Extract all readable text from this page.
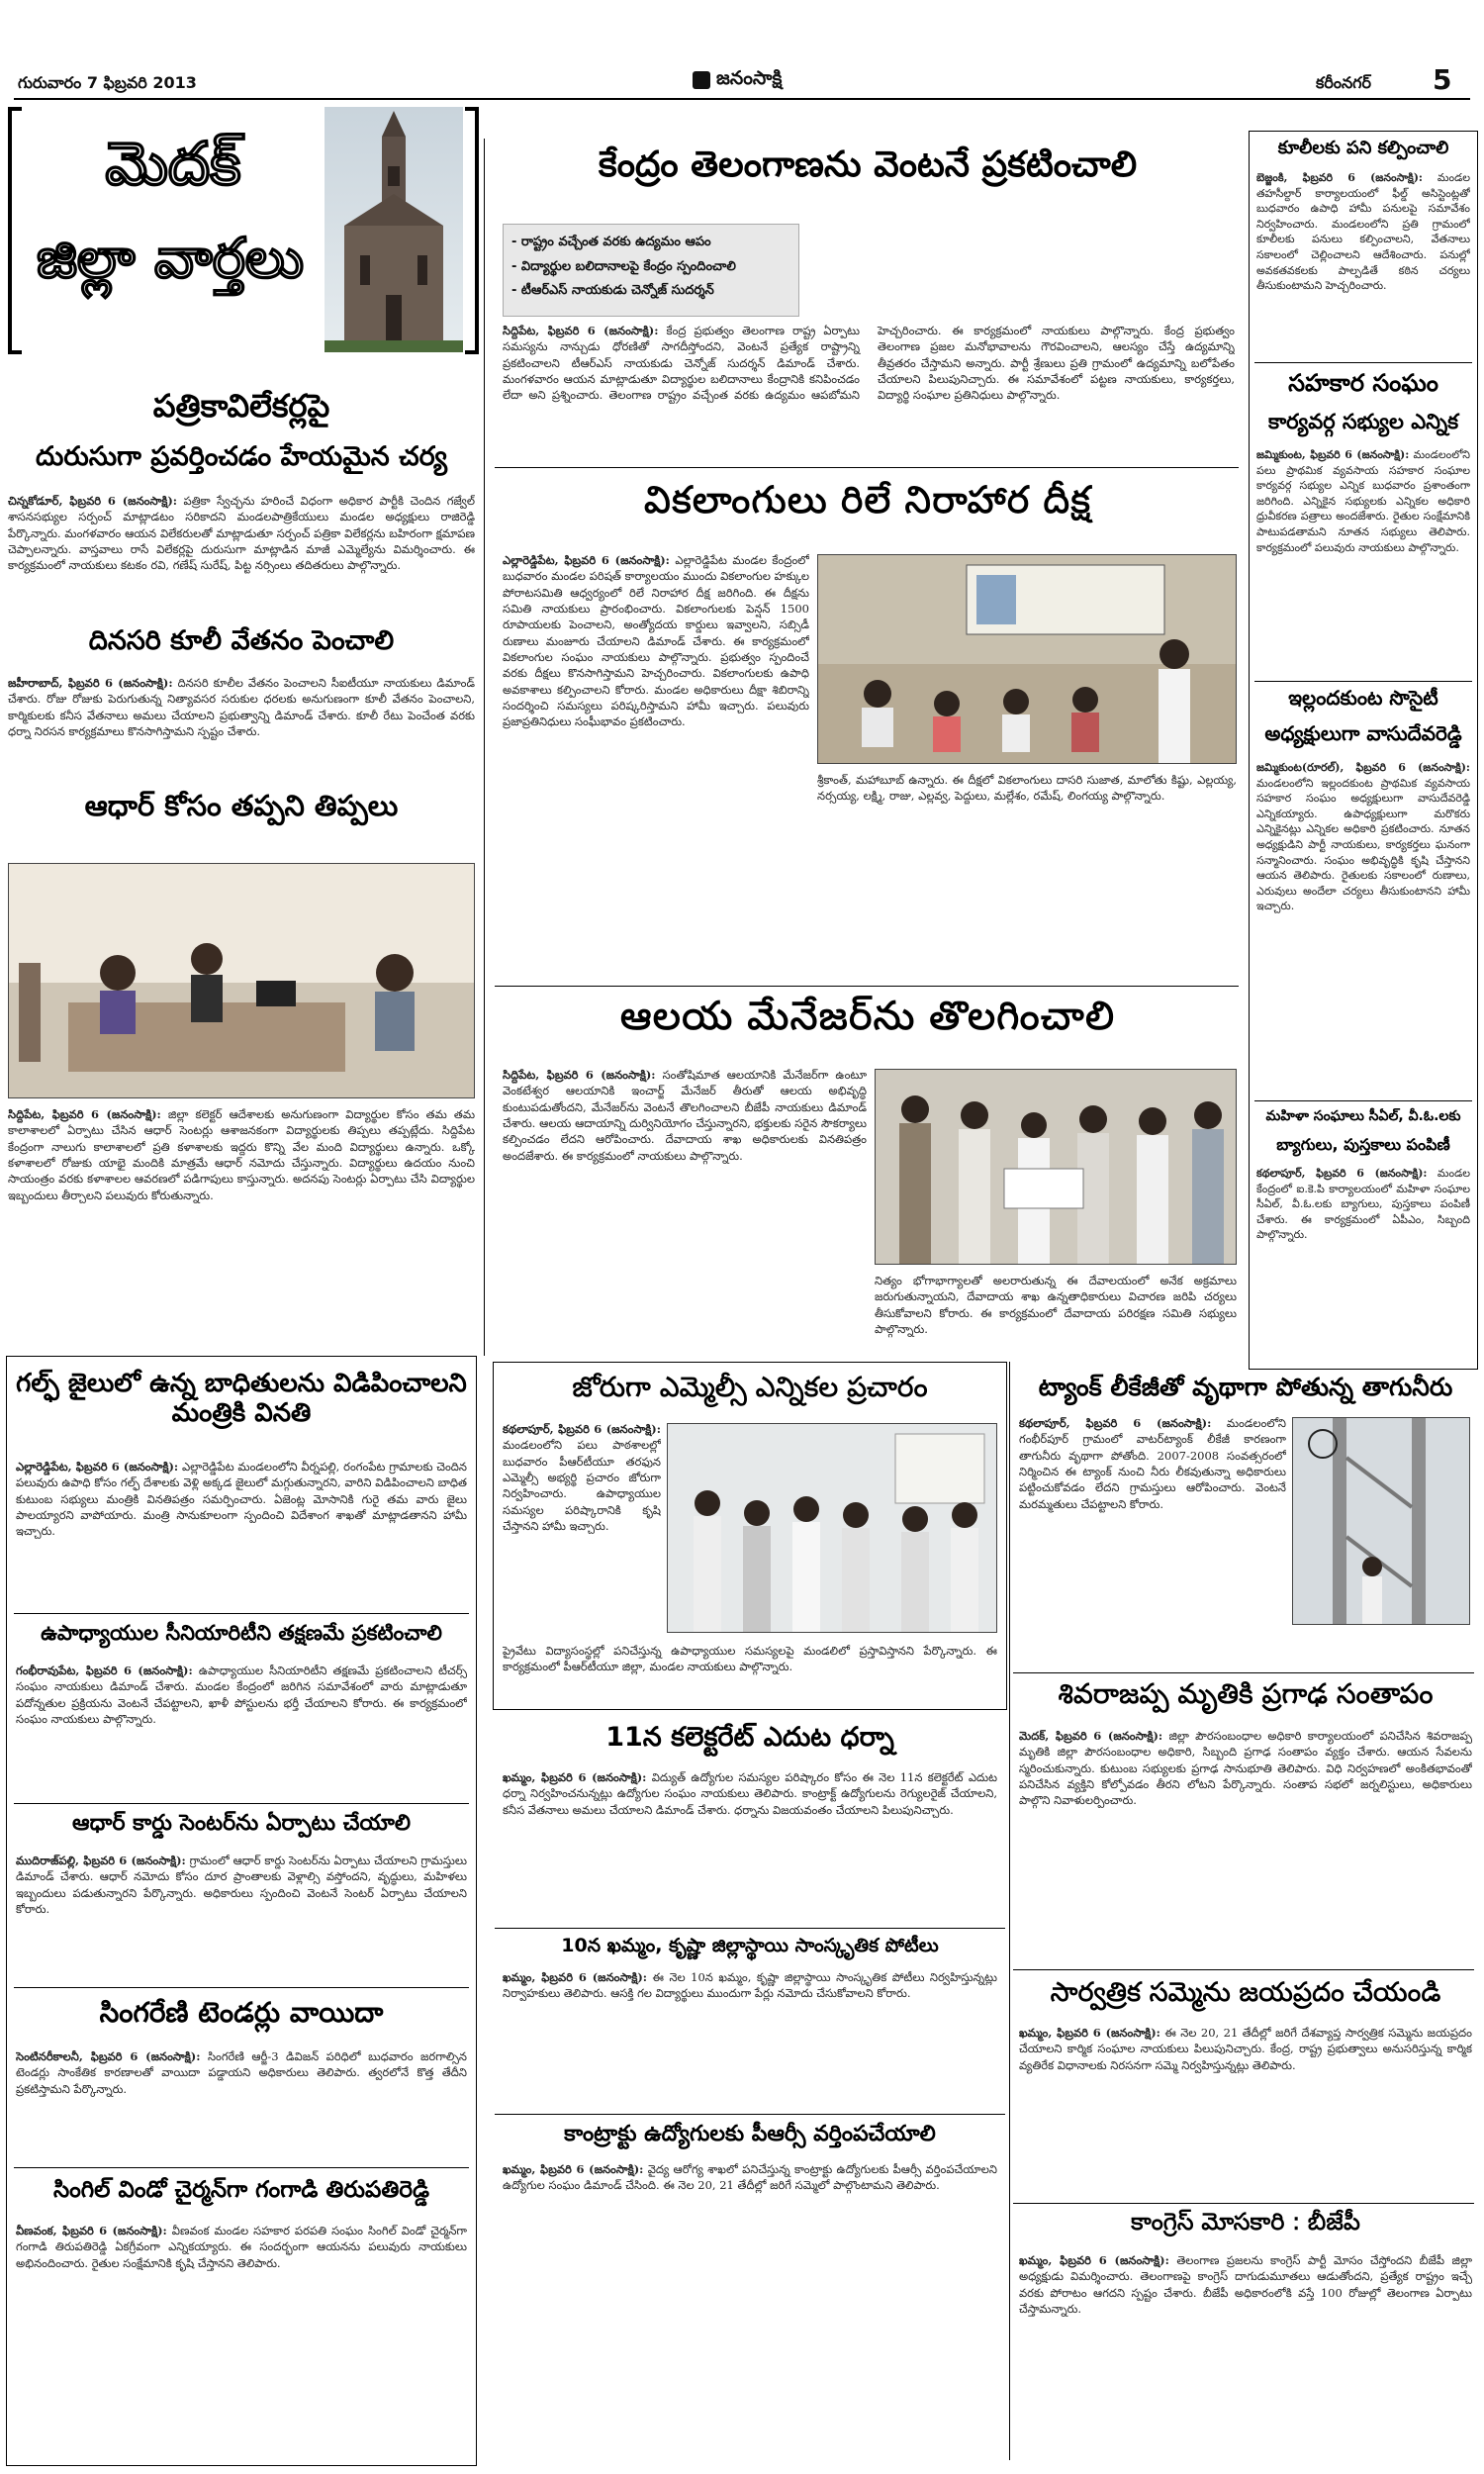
గురువారం 7 ఫిబ్రవరి 2013	జనంసాక్షి	కరీంనగర్ 5
మెదక్
జిల్లా వార్తలు
పత్రికావిలేకర్లపై
దురుసుగా ప్రవర్తించడం హేయమైన చర్య
చిన్నకోడూర్, ఫిబ్రవరి 6 (జనంసాక్షి): పత్రికా స్వేచ్ఛను హరించే విధంగా అధికార పార్టీకి చెందిన గజ్వేల్ శాసనసభ్యుల సర్పంచ్ మాట్లాడటం సరికాదని మండలపాత్రికేయులు మండల అధ్యక్షులు రాజిరెడ్డి పేర్కొన్నారు. మంగళవారం ఆయన విలేకరులతో మాట్లాడుతూ సర్పంచ్ పత్రికా విలేకర్లను బహిరంగా క్షమాపణ చెప్పాలన్నారు. వాస్తవాలు రాసే విలేకర్లపై దురుసుగా మాట్లాడిన మాజీ ఎమ్మెల్యేను విమర్శించారు. ఈ కార్యక్రమంలో నాయకులు కటకం రవి, గణేష్ సురేష్, పిట్ట నర్సింలు తదితరులు పాల్గొన్నారు.
దినసరి కూలీ వేతనం పెంచాలి
జహీరాబాద్, ఫిబ్రవరి 6 (జనంసాక్షి): దినసరి కూలీల వేతనం పెంచాలని సీఐటీయూ నాయకులు డిమాండ్ చేశారు. రోజు రోజుకు పెరుగుతున్న నిత్యావసర సరుకుల ధరలకు అనుగుణంగా కూలీ వేతనం పెంచాలని, కార్మికులకు కనీస వేతనాలు అమలు చేయాలని ప్రభుత్వాన్ని డిమాండ్ చేశారు. కూలీ రేటు పెంచేంత వరకు ధర్నా నిరసన కార్యక్రమాలు కొనసాగిస్తామని స్పష్టం చేశారు.
ఆధార్ కోసం తప్పని తిప్పలు
సిద్దిపేట, ఫిబ్రవరి 6 (జనంసాక్షి): జిల్లా కలెక్టర్ ఆదేశాలకు అనుగుణంగా విద్యార్థుల కోసం తమ తమ కాలాశాలలో ఏర్పాటు చేసిన ఆధార్ సెంటర్లు ఆశాజనకంగా విద్యార్థులకు తిప్పలు తప్పట్లేదు. సిద్దిపేట కేంద్రంగా నాలుగు కాలాశాలలో ప్రతి కళాశాలకు ఇద్దరు కొన్ని వేల మంది విద్యార్థులు ఉన్నారు. ఒక్కో కళాశాలలో రోజుకు యాభై మందికి మాత్రమే ఆధార్ నమోదు చేస్తున్నారు. విద్యార్థులు ఉదయం నుంచి సాయంత్రం వరకు కళాశాలల ఆవరణలో పడిగాపులు కాస్తున్నారు. అదనపు సెంటర్లు ఏర్పాటు చేసి విద్యార్థుల ఇబ్బందులు తీర్చాలని పలువురు కోరుతున్నారు.
గల్ఫ్ జైలులో ఉన్న బాధితులను విడిపించాలని మంత్రికి వినతి
ఎల్లారెడ్డిపేట, ఫిబ్రవరి 6 (జనంసాక్షి): ఎల్లారెడ్డిపేట మండలంలోని వీర్నపల్లి, రంగంపేట గ్రామాలకు చెందిన పలువురు ఉపాధి కోసం గల్ఫ్ దేశాలకు వెళ్లి అక్కడ జైలులో మగ్గుతున్నారని, వారిని విడిపించాలని బాధిత కుటుంబ సభ్యులు మంత్రికి వినతిపత్రం సమర్పించారు. ఏజెంట్ల మోసానికి గురై తమ వారు జైలు పాలయ్యారని వాపోయారు. మంత్రి సానుకూలంగా స్పందించి విదేశాంగ శాఖతో మాట్లాడతానని హామీ ఇచ్చారు.
ఉపాధ్యాయుల సీనియారిటీని తక్షణమే ప్రకటించాలి
గంభీరావుపేట, ఫిబ్రవరి 6 (జనంసాక్షి): ఉపాధ్యాయుల సీనియారిటీని తక్షణమే ప్రకటించాలని టీచర్స్ సంఘం నాయకులు డిమాండ్ చేశారు. మండల కేంద్రంలో జరిగిన సమావేశంలో వారు మాట్లాడుతూ పదోన్నతుల ప్రక్రియను వెంటనే చేపట్టాలని, ఖాళీ పోస్టులను భర్తీ చేయాలని కోరారు. ఈ కార్యక్రమంలో సంఘం నాయకులు పాల్గొన్నారు.
ఆధార్ కార్డు సెంటర్‌ను ఏర్పాటు చేయాలి
ముదిరాజ్‌పల్లి, ఫిబ్రవరి 6 (జనంసాక్షి): గ్రామంలో ఆధార్ కార్డు సెంటర్‌ను ఏర్పాటు చేయాలని గ్రామస్తులు డిమాండ్ చేశారు. ఆధార్ నమోదు కోసం దూర ప్రాంతాలకు వెళ్లాల్సి వస్తోందని, వృద్ధులు, మహిళలు ఇబ్బందులు పడుతున్నారని పేర్కొన్నారు. అధికారులు స్పందించి వెంటనే సెంటర్ ఏర్పాటు చేయాలని కోరారు.
సింగరేణి టెండర్లు వాయిదా
సెంటినరీకాలనీ, ఫిబ్రవరి 6 (జనంసాక్షి): సింగరేణి ఆర్జీ-3 డివిజన్ పరిధిలో బుధవారం జరగాల్సిన టెండర్లు సాంకేతిక కారణాలతో వాయిదా పడ్డాయని అధికారులు తెలిపారు. త్వరలోనే కొత్త తేదీని ప్రకటిస్తామని పేర్కొన్నారు.
సింగిల్ విండో చైర్మన్‌గా గంగాడి తిరుపతిరెడ్డి
వీణవంక, ఫిబ్రవరి 6 (జనంసాక్షి): వీణవంక మండల సహకార పరపతి సంఘం సింగిల్ విండో చైర్మన్‌గా గంగాడి తిరుపతిరెడ్డి ఏకగ్రీవంగా ఎన్నికయ్యారు. ఈ సందర్భంగా ఆయనను పలువురు నాయకులు అభినందించారు. రైతుల సంక్షేమానికి కృషి చేస్తానని తెలిపారు.
కేంద్రం తెలంగాణను వెంటనే ప్రకటించాలి
- రాష్ట్రం వచ్చేంత వరకు ఉద్యమం ఆపం
- విద్యార్థుల బలిదానాలపై కేంద్రం స్పందించాలి
- టీఆర్ఎస్ నాయకుడు చెన్నోజ్ సుదర్శన్
సిద్దిపేట, ఫిబ్రవరి 6 (జనంసాక్షి): కేంద్ర ప్రభుత్వం తెలంగాణ రాష్ట్ర ఏర్పాటు సమస్యను నాన్చుడు ధోరణితో సాగదీస్తోందని, వెంటనే ప్రత్యేక రాష్ట్రాన్ని ప్రకటించాలని టీఆర్ఎస్ నాయకుడు చెన్నోజ్ సుదర్శన్ డిమాండ్ చేశారు. మంగళవారం ఆయన మాట్లాడుతూ విద్యార్థుల బలిదానాలు కేంద్రానికి కనిపించడం లేదా అని ప్రశ్నించారు. తెలంగాణ రాష్ట్రం వచ్చేంత వరకు ఉద్యమం ఆపబోమని హెచ్చరించారు. ఈ కార్యక్రమంలో నాయకులు పాల్గొన్నారు. కేంద్ర ప్రభుత్వం తెలంగాణ ప్రజల మనోభావాలను గౌరవించాలని, ఆలస్యం చేస్తే ఉద్యమాన్ని తీవ్రతరం చేస్తామని అన్నారు. పార్టీ శ్రేణులు ప్రతి గ్రామంలో ఉద్యమాన్ని బలోపేతం చేయాలని పిలుపునిచ్చారు. ఈ సమావేశంలో పట్టణ నాయకులు, కార్యకర్తలు, విద్యార్థి సంఘాల ప్రతినిధులు పాల్గొన్నారు.
వికలాంగులు రిలే నిరాహార దీక్ష
ఎల్లారెడ్డిపేట, ఫిబ్రవరి 6 (జనంసాక్షి): ఎల్లారెడ్డిపేట మండల కేంద్రంలో బుధవారం మండల పరిషత్ కార్యాలయం ముందు వికలాంగుల హక్కుల పోరాటసమితి ఆధ్వర్యంలో రిలే నిరాహార దీక్ష జరిగింది. ఈ దీక్షను సమితి నాయకులు ప్రారంభించారు. వికలాంగులకు పెన్షన్ 1500 రూపాయలకు పెంచాలని, అంత్యోదయ కార్డులు ఇవ్వాలని, సబ్సిడీ రుణాలు మంజూరు చేయాలని డిమాండ్ చేశారు. ఈ కార్యక్రమంలో వికలాంగుల సంఘం నాయకులు పాల్గొన్నారు. ప్రభుత్వం స్పందించే వరకు దీక్షలు కొనసాగిస్తామని హెచ్చరించారు. వికలాంగులకు ఉపాధి అవకాశాలు కల్పించాలని కోరారు. మండల అధికారులు దీక్షా శిబిరాన్ని సందర్శించి సమస్యలు పరిష్కరిస్తామని హామీ ఇచ్చారు. పలువురు ప్రజాప్రతినిధులు సంఘీభావం ప్రకటించారు.
శ్రీకాంత్, మహాబూబ్ ఉన్నారు. ఈ దీక్షలో వికలాంగులు దాసరి సుజాత, మాలోతు కిష్టు, ఎల్లయ్య, నర్సయ్య, లక్ష్మి, రాజు, ఎల్లవ్వ, పెద్దులు, మల్లేశం, రమేష్, లింగయ్య పాల్గొన్నారు.
ఆలయ మేనేజర్‌ను తొలగించాలి
సిద్దిపేట, ఫిబ్రవరి 6 (జనంసాక్షి): సంతోషిమాత ఆలయానికి మేనేజర్‌గా ఉంటూ వెంకటేశ్వర ఆలయానికి ఇంచార్జ్ మేనేజర్ తీరుతో ఆలయ అభివృద్ధి కుంటుపడుతోందని, మేనేజర్‌ను వెంటనే తొలగించాలని బీజేపీ నాయకులు డిమాండ్ చేశారు. ఆలయ ఆదాయాన్ని దుర్వినియోగం చేస్తున్నారని, భక్తులకు సరైన సౌకర్యాలు కల్పించడం లేదని ఆరోపించారు. దేవాదాయ శాఖ అధికారులకు వినతిపత్రం అందజేశారు. ఈ కార్యక్రమంలో నాయకులు పాల్గొన్నారు.
నిత్యం భోగాభాగ్యాలతో అలరారుతున్న ఈ దేవాలయంలో అనేక అక్రమాలు జరుగుతున్నాయని, దేవాదాయ శాఖ ఉన్నతాధికారులు విచారణ జరిపి చర్యలు తీసుకోవాలని కోరారు. ఈ కార్యక్రమంలో దేవాదాయ పరిరక్షణ సమితి సభ్యులు పాల్గొన్నారు.
కూలీలకు పని కల్పించాలి
బెజ్జంకి, ఫిబ్రవరి 6 (జనంసాక్షి): మండల తహసీల్దార్ కార్యాలయంలో ఫీల్డ్ అసిస్టెంట్లతో బుధవారం ఉపాధి హామీ పనులపై సమావేశం నిర్వహించారు. మండలంలోని ప్రతి గ్రామంలో కూలీలకు పనులు కల్పించాలని, వేతనాలు సకాలంలో చెల్లించాలని ఆదేశించారు. పనుల్లో అవకతవకలకు పాల్పడితే కఠిన చర్యలు తీసుకుంటామని హెచ్చరించారు.
సహకార సంఘం
కార్యవర్గ సభ్యుల ఎన్నిక
జమ్మికుంట, ఫిబ్రవరి 6 (జనంసాక్షి): మండలంలోని పలు ప్రాథమిక వ్యవసాయ సహకార సంఘాల కార్యవర్గ సభ్యుల ఎన్నిక బుధవారం ప్రశాంతంగా జరిగింది. ఎన్నికైన సభ్యులకు ఎన్నికల అధికారి ధ్రువీకరణ పత్రాలు అందజేశారు. రైతుల సంక్షేమానికి పాటుపడతామని నూతన సభ్యులు తెలిపారు. కార్యక్రమంలో పలువురు నాయకులు పాల్గొన్నారు.
ఇల్లందకుంట సొసైటీ
అధ్యక్షులుగా వాసుదేవరెడ్డి
జమ్మికుంట(రూరల్), ఫిబ్రవరి 6 (జనంసాక్షి): మండలంలోని ఇల్లందకుంట ప్రాథమిక వ్యవసాయ సహకార సంఘం అధ్యక్షులుగా వాసుదేవరెడ్డి ఎన్నికయ్యారు. ఉపాధ్యక్షులుగా మరొకరు ఎన్నికైనట్లు ఎన్నికల అధికారి ప్రకటించారు. నూతన అధ్యక్షుడిని పార్టీ నాయకులు, కార్యకర్తలు ఘనంగా సన్మానించారు. సంఘం అభివృద్ధికి కృషి చేస్తానని ఆయన తెలిపారు. రైతులకు సకాలంలో రుణాలు, ఎరువులు అందేలా చర్యలు తీసుకుంటానని హామీ ఇచ్చారు.
మహిళా సంఘాలు సీఏల్, వీ.ఓ.లకు
బ్యాగులు, పుస్తకాలు పంపిణీ
కథలాపూర్, ఫిబ్రవరి 6 (జనంసాక్షి): మండల కేంద్రంలో ఐ.కె.పి కార్యాలయంలో మహిళా సంఘాల సీఏల్, వీ.ఓ.లకు బ్యాగులు, పుస్తకాలు పంపిణీ చేశారు. ఈ కార్యక్రమంలో ఏపీఎం, సిబ్బంది పాల్గొన్నారు.
జోరుగా ఎమ్మెల్సీ ఎన్నికల ప్రచారం
కథలాపూర్, ఫిబ్రవరి 6 (జనంసాక్షి): మండలంలోని పలు పాఠశాలల్లో బుధవారం పీఆర్‌టీయూ తరఫున ఎమ్మెల్సీ అభ్యర్థి ప్రచారం జోరుగా నిర్వహించారు. ఉపాధ్యాయుల సమస్యల పరిష్కారానికి కృషి చేస్తానని హామీ ఇచ్చారు.
ప్రైవేటు విద్యాసంస్థల్లో పనిచేస్తున్న ఉపాధ్యాయుల సమస్యలపై మండలిలో ప్రస్తావిస్తానని పేర్కొన్నారు. ఈ కార్యక్రమంలో పీఆర్‌టీయూ జిల్లా, మండల నాయకులు పాల్గొన్నారు.
11న కలెక్టరేట్ ఎదుట ధర్నా
ఖమ్మం, ఫిబ్రవరి 6 (జనంసాక్షి): విద్యుత్ ఉద్యోగుల సమస్యల పరిష్కారం కోసం ఈ నెల 11న కలెక్టరేట్ ఎదుట ధర్నా నిర్వహించనున్నట్లు ఉద్యోగుల సంఘం నాయకులు తెలిపారు. కాంట్రాక్ట్ ఉద్యోగులను రెగ్యులరైజ్ చేయాలని, కనీస వేతనాలు అమలు చేయాలని డిమాండ్ చేశారు. ధర్నాను విజయవంతం చేయాలని పిలుపునిచ్చారు.
10న ఖమ్మం, కృష్ణా జిల్లాస్థాయి సాంస్కృతిక పోటీలు
ఖమ్మం, ఫిబ్రవరి 6 (జనంసాక్షి): ఈ నెల 10న ఖమ్మం, కృష్ణా జిల్లాస్థాయి సాంస్కృతిక పోటీలు నిర్వహిస్తున్నట్లు నిర్వాహకులు తెలిపారు. ఆసక్తి గల విద్యార్థులు ముందుగా పేర్లు నమోదు చేసుకోవాలని కోరారు.
కాంట్రాక్టు ఉద్యోగులకు పీఆర్సీ వర్తింపచేయాలి
ఖమ్మం, ఫిబ్రవరి 6 (జనంసాక్షి): వైద్య ఆరోగ్య శాఖలో పనిచేస్తున్న కాంట్రాక్టు ఉద్యోగులకు పీఆర్సీ వర్తింపచేయాలని ఉద్యోగుల సంఘం డిమాండ్ చేసింది. ఈ నెల 20, 21 తేదీల్లో జరిగే సమ్మెలో పాల్గొంటామని తెలిపారు.
ట్యాంక్ లీకేజీతో వృథాగా పోతున్న తాగునీరు
కథలాపూర్, ఫిబ్రవరి 6 (జనంసాక్షి): మండలంలోని గంభీర్‌పూర్ గ్రామంలో వాటర్‌ట్యాంక్ లీకేజీ కారణంగా తాగునీరు వృథాగా పోతోంది. 2007-2008 సంవత్సరంలో నిర్మించిన ఈ ట్యాంక్ నుంచి నీరు లీకవుతున్నా అధికారులు పట్టించుకోవడం లేదని గ్రామస్తులు ఆరోపించారు. వెంటనే మరమ్మతులు చేపట్టాలని కోరారు.
శివరాజప్ప మృతికి ప్రగాఢ సంతాపం
మెదక్, ఫిబ్రవరి 6 (జనంసాక్షి): జిల్లా పౌరసంబంధాల అధికారి కార్యాలయంలో పనిచేసిన శివరాజప్ప మృతికి జిల్లా పౌరసంబంధాల అధికారి, సిబ్బంది ప్రగాఢ సంతాపం వ్యక్తం చేశారు. ఆయన సేవలను స్మరించుకున్నారు. కుటుంబ సభ్యులకు ప్రగాఢ సానుభూతి తెలిపారు. విధి నిర్వహణలో అంకితభావంతో పనిచేసిన వ్యక్తిని కోల్పోవడం తీరని లోటని పేర్కొన్నారు. సంతాప సభలో జర్నలిస్టులు, అధికారులు పాల్గొని నివాళులర్పించారు.
సార్వత్రిక సమ్మెను జయప్రదం చేయండి
ఖమ్మం, ఫిబ్రవరి 6 (జనంసాక్షి): ఈ నెల 20, 21 తేదీల్లో జరిగే దేశవ్యాప్త సార్వత్రిక సమ్మెను జయప్రదం చేయాలని కార్మిక సంఘాల నాయకులు పిలుపునిచ్చారు. కేంద్ర, రాష్ట్ర ప్రభుత్వాలు అనుసరిస్తున్న కార్మిక వ్యతిరేక విధానాలకు నిరసనగా సమ్మె నిర్వహిస్తున్నట్లు తెలిపారు.
కాంగ్రెస్ మోసకారి : బీజేపీ
ఖమ్మం, ఫిబ్రవరి 6 (జనంసాక్షి): తెలంగాణ ప్రజలను కాంగ్రెస్ పార్టీ మోసం చేస్తోందని బీజేపీ జిల్లా అధ్యక్షుడు విమర్శించారు. తెలంగాణపై కాంగ్రెస్ దాగుడుమూతలు ఆడుతోందని, ప్రత్యేక రాష్ట్రం ఇచ్చే వరకు పోరాటం ఆగదని స్పష్టం చేశారు. బీజేపీ అధికారంలోకి వస్తే 100 రోజుల్లో తెలంగాణ ఏర్పాటు చేస్తామన్నారు.
